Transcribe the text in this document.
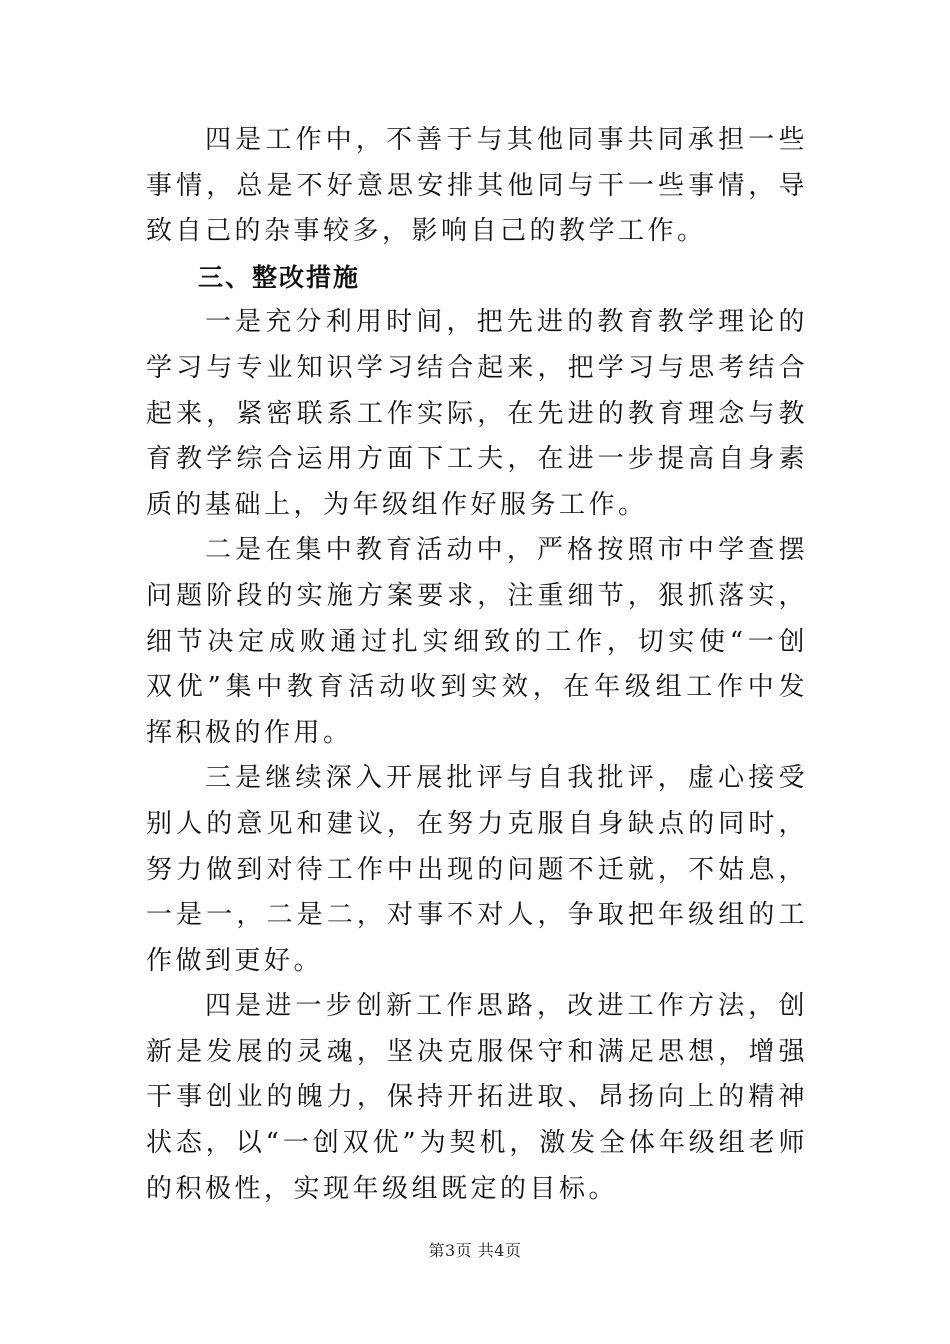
四是工作中，不善于与其他同事共同承担一些事情，总是不好意思安排其他同与干一些事情，导致自己的杂事较多，影响自己的教学工作。

三、整改措施

一是充分利用时间，把先进的教育教学理论的学习与专业知识学习结合起来，把学习与思考结合起来，紧密联系工作实际，在先进的教育理念与教育教学综合运用方面下工夫，在进一步提高自身素质的基础上，为年级组作好服务工作。

二是在集中教育活动中，严格按照市中学查摆问题阶段的实施方案要求，注重细节，狠抓落实，细节决定成败通过扎实细致的工作，切实使“一创双优”集中教育活动收到实效，在年级组工作中发挥积极的作用。

三是继续深入开展批评与自我批评，虚心接受别人的意见和建议，在努力克服自身缺点的同时，努力做到对待工作中出现的问题不迁就，不姑息，一是一，二是二，对事不对人，争取把年级组的工作做到更好。

四是进一步创新工作思路，改进工作方法，创新是发展的灵魂，坚决克服保守和满足思想，增强干事创业的魄力，保持开拓进取、昂扬向上的精神状态，以“一创双优”为契机，激发全体年级组老师的积极性，实现年级组既定的目标。

第3页 共4页
